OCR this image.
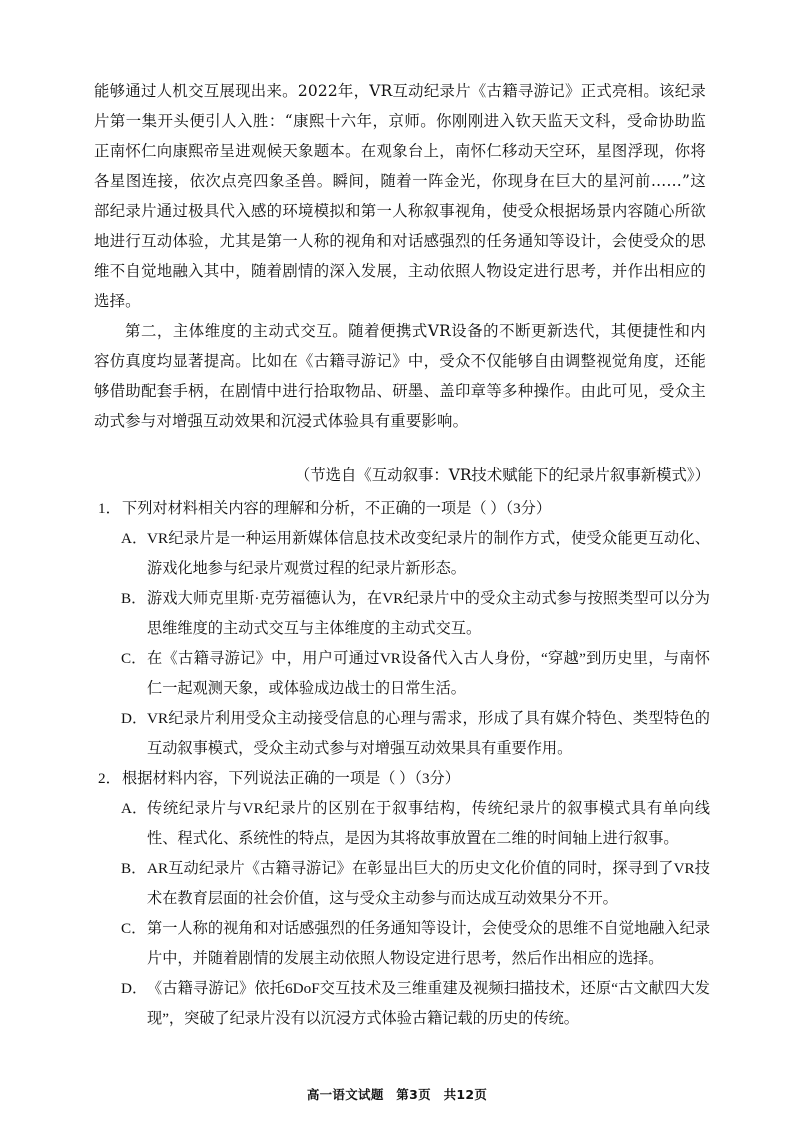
能够通过人机交互展现出来。2022年，VR互动纪录片《古籍寻游记》正式亮相。该纪录片第一集开头便引人入胜：“康熙十六年，京师。你刚刚进入钦天监天文科，受命协助监正南怀仁向康熙帝呈进观候天象题本。在观象台上，南怀仁移动天空环，星图浮现，你将各星图连接，依次点亮四象圣兽。瞬间，随着一阵金光，你现身在巨大的星河前……”这部纪录片通过极具代入感的环境模拟和第一人称叙事视角，使受众根据场景内容随心所欲地进行互动体验，尤其是第一人称的视角和对话感强烈的任务通知等设计，会使受众的思维不自觉地融入其中，随着剧情的深入发展，主动依照人物设定进行思考，并作出相应的选择。

第二，主体维度的主动式交互。随着便携式VR设备的不断更新迭代，其便捷性和内容仿真度均显著提高。比如在《古籍寻游记》中，受众不仅能够自由调整视觉角度，还能够借助配套手柄，在剧情中进行拾取物品、研墨、盖印章等多种操作。由此可见，受众主动式参与对增强互动效果和沉浸式体验具有重要影响。

（节选自《互动叙事：VR技术赋能下的纪录片叙事新模式》）
1． 下列对材料相关内容的理解和分析，不正确的一项是（ ）（3分）
A． VR纪录片是一种运用新媒体信息技术改变纪录片的制作方式，使受众能更互动化、游戏化地参与纪录片观赏过程的纪录片新形态。
B． 游戏大师克里斯·克劳福德认为，在VR纪录片中的受众主动式参与按照类型可以分为思维维度的主动式交互与主体维度的主动式交互。
C． 在《古籍寻游记》中，用户可通过VR设备代入古人身份，“穿越”到历史里，与南怀仁一起观测天象，或体验成边战士的日常生活。
D． VR纪录片利用受众主动接受信息的心理与需求，形成了具有媒介特色、类型特色的互动叙事模式，受众主动式参与对增强互动效果具有重要作用。
2． 根据材料内容，下列说法正确的一项是（ ）（3分）
A． 传统纪录片与VR纪录片的区别在于叙事结构，传统纪录片的叙事模式具有单向线性、程式化、系统性的特点，是因为其将故事放置在二维的时间轴上进行叙事。
B． AR互动纪录片《古籍寻游记》在彰显出巨大的历史文化价值的同时，探寻到了VR技术在教育层面的社会价值，这与受众主动参与而达成互动效果分不开。
C． 第一人称的视角和对话感强烈的任务通知等设计，会使受众的思维不自觉地融入纪录片中，并随着剧情的发展主动依照人物设定进行思考，然后作出相应的选择。
D． 《古籍寻游记》依托6DoF交互技术及三维重建及视频扫描技术，还原“古文献四大发现”，突破了纪录片没有以沉浸方式体验古籍记载的历史的传统。
高一语文试题 第3页 共12页
